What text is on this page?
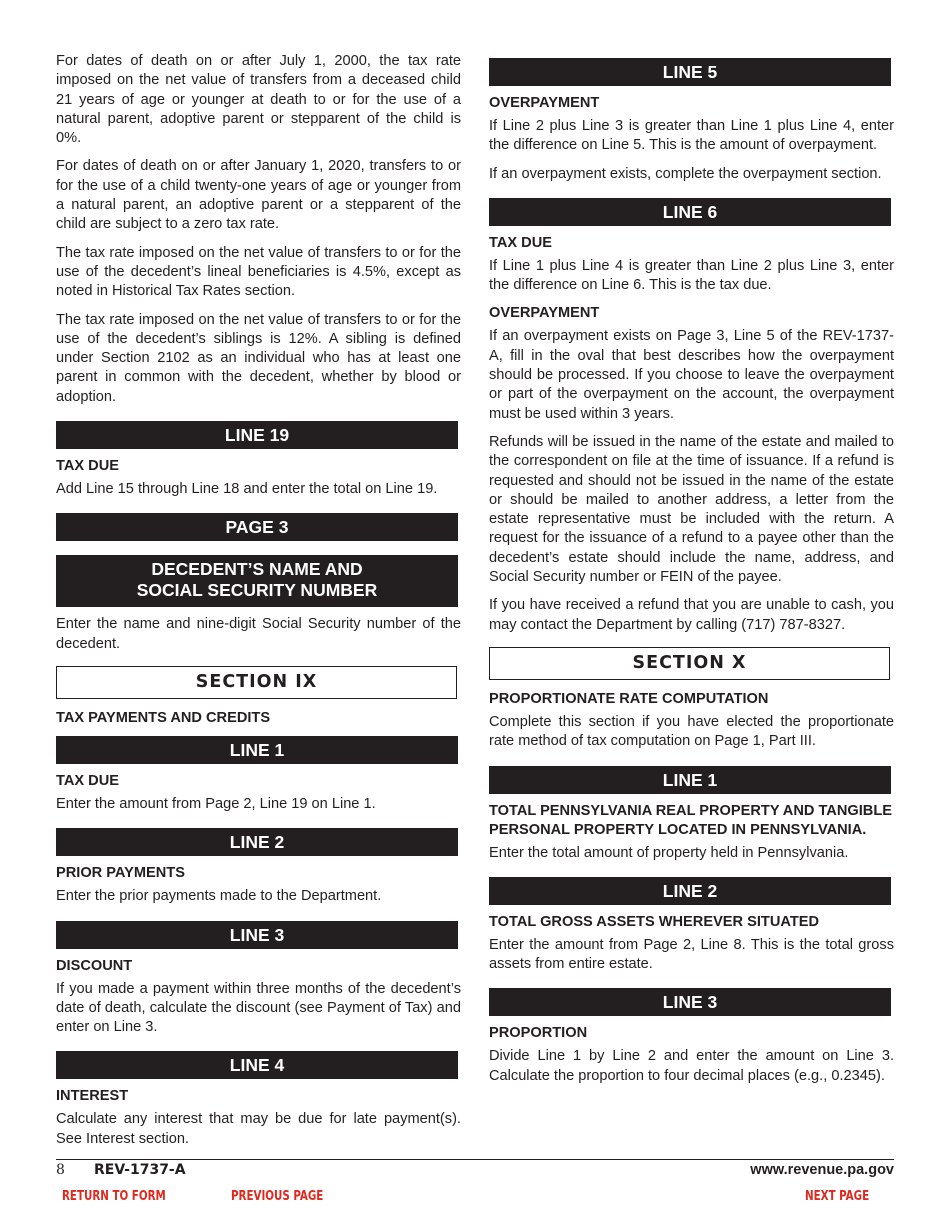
For dates of death on or after July 1, 2000, the tax rate imposed on the net value of transfers from a deceased child 21 years of age or younger at death to or for the use of a natural parent, adoptive parent or stepparent of the child is 0%.

For dates of death on or after January 1, 2020, transfers to or for the use of a child twenty-one years of age or younger from a natural parent, an adoptive parent or a stepparent of the child are subject to a zero tax rate.

The tax rate imposed on the net value of transfers to or for the use of the decedent’s lineal beneficiaries is 4.5%, except as noted in Historical Tax Rates section.

The tax rate imposed on the net value of transfers to or for the use of the decedent’s siblings is 12%. A sibling is defined under Section 2102 as an individual who has at least one parent in common with the decedent, whether by blood or adoption.

LINE 19
TAX DUE

Add Line 15 through Line 18 and enter the total on Line 19.

PAGE 3
DECEDENT’S NAME AND
SOCIAL SECURITY NUMBER

Enter the name and nine-digit Social Security number of the decedent.

SECTION IX
TAX PAYMENTS AND CREDITS
LINE 1
TAX DUE

Enter the amount from Page 2, Line 19 on Line 1.

LINE 2
PRIOR PAYMENTS

Enter the prior payments made to the Department.

LINE 3
DISCOUNT

If you made a payment within three months of the decedent’s date of death, calculate the discount (see Payment of Tax) and enter on Line 3.

LINE 4
INTEREST

Calculate any interest that may be due for late payment(s). See Interest section.

LINE 5
OVERPAYMENT

If Line 2 plus Line 3 is greater than Line 1 plus Line 4, enter the difference on Line 5. This is the amount of overpayment.

If an overpayment exists, complete the overpayment section.

LINE 6
TAX DUE

If Line 1 plus Line 4 is greater than Line 2 plus Line 3, enter the difference on Line 6. This is the tax due.

OVERPAYMENT

If an overpayment exists on Page 3, Line 5 of the REV-1737-A, fill in the oval that best describes how the overpayment should be processed. If you choose to leave the overpayment or part of the overpayment on the account, the overpayment must be used within 3 years.

Refunds will be issued in the name of the estate and mailed to the correspondent on file at the time of issuance. If a refund is requested and should not be issued in the name of the estate or should be mailed to another address, a letter from the estate representative must be included with the return. A request for the issuance of a refund to a payee other than the decedent’s estate should include the name, address, and Social Security number or FEIN of the payee.

If you have received a refund that you are unable to cash, you may contact the Department by calling (717) 787-8327.

SECTION X
PROPORTIONATE RATE COMPUTATION

Complete this section if you have elected the proportionate rate method of tax computation on Page 1, Part III.

LINE 1
TOTAL PENNSYLVANIA REAL PROPERTY AND TANGIBLE PERSONAL PROPERTY LOCATED IN PENNSYLVANIA.

Enter the total amount of property held in Pennsylvania.

LINE 2
TOTAL GROSS ASSETS WHEREVER SITUATED

Enter the amount from Page 2, Line 8. This is the total gross assets from entire estate.

LINE 3
PROPORTION

Divide Line 1 by Line 2 and enter the amount on Line 3. Calculate the proportion to four decimal places (e.g., 0.2345).

8 REV-1737-A	www.revenue.pa.gov
RETURN TO FORM	PREVIOUS PAGE	NEXT PAGE
